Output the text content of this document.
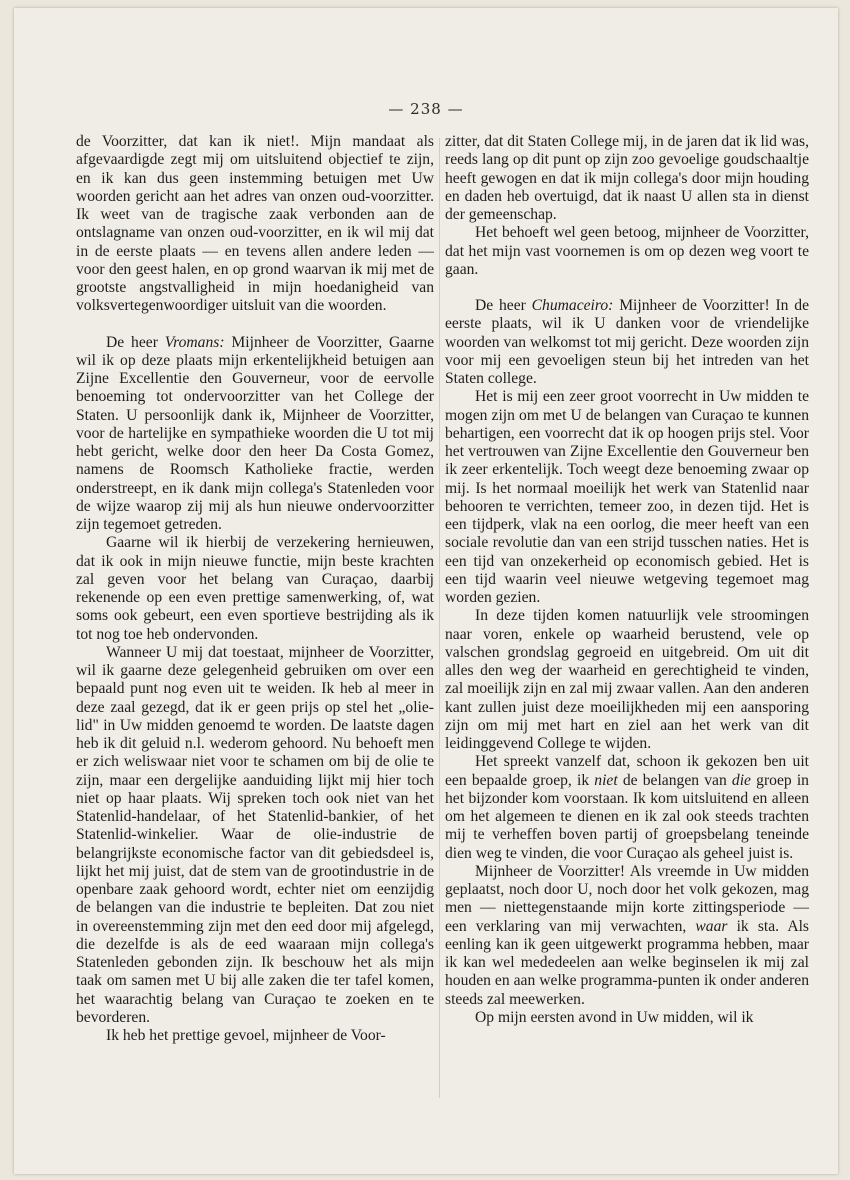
— 238 —

de Voorzitter, dat kan ik niet!. Mijn mandaat als afgevaardigde zegt mij om uitsluitend objectief te zijn, en ik kan dus geen instemming betuigen met Uw woorden gericht aan het adres van onzen oud-voorzitter. Ik weet van de tragische zaak verbonden aan de ontslagname van onzen oud-voorzitter, en ik wil mij dat in de eerste plaats — en tevens allen andere leden — voor den geest halen, en op grond waarvan ik mij met de grootste angstvalligheid in mijn hoedanigheid van volksvertegenwoordiger uitsluit van die woorden.

De heer Vromans: Mijnheer de Voorzitter, Gaarne wil ik op deze plaats mijn erkentelijkheid betuigen aan Zijne Excellentie den Gouverneur, voor de eervolle benoeming tot ondervoorzitter van het College der Staten. U persoonlijk dank ik, Mijnheer de Voorzitter, voor de hartelijke en sympathieke woorden die U tot mij hebt gericht, welke door den heer Da Costa Gomez, namens de Roomsch Katholieke fractie, werden onderstreept, en ik dank mijn collega's Statenleden voor de wijze waarop zij mij als hun nieuwe ondervoorzitter zijn tegemoet getreden.

Gaarne wil ik hierbij de verzekering hernieuwen, dat ik ook in mijn nieuwe functie, mijn beste krachten zal geven voor het belang van Curaçao, daarbij rekenende op een even prettige samenwerking, of, wat soms ook gebeurt, een even sportieve bestrijding als ik tot nog toe heb ondervonden.

Wanneer U mij dat toestaat, mijnheer de Voorzitter, wil ik gaarne deze gelegenheid gebruiken om over een bepaald punt nog even uit te weiden. Ik heb al meer in deze zaal gezegd, dat ik er geen prijs op stel het „olie-lid" in Uw midden genoemd te worden. De laatste dagen heb ik dit geluid n.l. wederom gehoord. Nu behoeft men er zich weliswaar niet voor te schamen om bij de olie te zijn, maar een dergelijke aanduiding lijkt mij hier toch niet op haar plaats. Wij spreken toch ook niet van het Statenlid-handelaar, of het Statenlid-bankier, of het Statenlid-winkelier. Waar de olie-industrie de belangrijkste economische factor van dit gebiedsdeel is, lijkt het mij juist, dat de stem van de grootindustrie in de openbare zaak gehoord wordt, echter niet om eenzijdig de belangen van die industrie te bepleiten. Dat zou niet in overeenstemming zijn met den eed door mij afgelegd, die dezelfde is als de eed waaraan mijn collega's Statenleden gebonden zijn. Ik beschouw het als mijn taak om samen met U bij alle zaken die ter tafel komen, het waarachtig belang van Curaçao te zoeken en te bevorderen.

Ik heb het prettige gevoel, mijnheer de Voor-

zitter, dat dit Staten College mij, in de jaren dat ik lid was, reeds lang op dit punt op zijn zoo gevoelige goudschaaltje heeft gewogen en dat ik mijn collega's door mijn houding en daden heb overtuigd, dat ik naast U allen sta in dienst der gemeenschap.

Het behoeft wel geen betoog, mijnheer de Voorzitter, dat het mijn vast voornemen is om op dezen weg voort te gaan.

De heer Chumaceiro: Mijnheer de Voorzitter! In de eerste plaats, wil ik U danken voor de vriendelijke woorden van welkomst tot mij gericht. Deze woorden zijn voor mij een gevoeligen steun bij het intreden van het Staten college.

Het is mij een zeer groot voorrecht in Uw midden te mogen zijn om met U de belangen van Curaçao te kunnen behartigen, een voorrecht dat ik op hoogen prijs stel. Voor het vertrouwen van Zijne Excellentie den Gouverneur ben ik zeer erkentelijk. Toch weegt deze benoeming zwaar op mij. Is het normaal moeilijk het werk van Statenlid naar behooren te verrichten, temeer zoo, in dezen tijd. Het is een tijdperk, vlak na een oorlog, die meer heeft van een sociale revolutie dan van een strijd tusschen naties. Het is een tijd van onzekerheid op economisch gebied. Het is een tijd waarin veel nieuwe wetgeving tegemoet mag worden gezien.

In deze tijden komen natuurlijk vele stroomingen naar voren, enkele op waarheid berustend, vele op valschen grondslag gegroeid en uitgebreid. Om uit dit alles den weg der waarheid en gerechtigheid te vinden, zal moeilijk zijn en zal mij zwaar vallen. Aan den anderen kant zullen juist deze moeilijkheden mij een aansporing zijn om mij met hart en ziel aan het werk van dit leidinggevend College te wijden.

Het spreekt vanzelf dat, schoon ik gekozen ben uit een bepaalde groep, ik niet de belangen van die groep in het bijzonder kom voorstaan. Ik kom uitsluitend en alleen om het algemeen te dienen en ik zal ook steeds trachten mij te verheffen boven partij of groepsbelang teneinde dien weg te vinden, die voor Curaçao als geheel juist is.

Mijnheer de Voorzitter! Als vreemde in Uw midden geplaatst, noch door U, noch door het volk gekozen, mag men — niettegenstaande mijn korte zittingsperiode — een verklaring van mij verwachten, waar ik sta. Als eenling kan ik geen uitgewerkt programma hebben, maar ik kan wel mededeelen aan welke beginselen ik mij zal houden en aan welke programma-punten ik onder anderen steeds zal meewerken.

Op mijn eersten avond in Uw midden, wil ik
